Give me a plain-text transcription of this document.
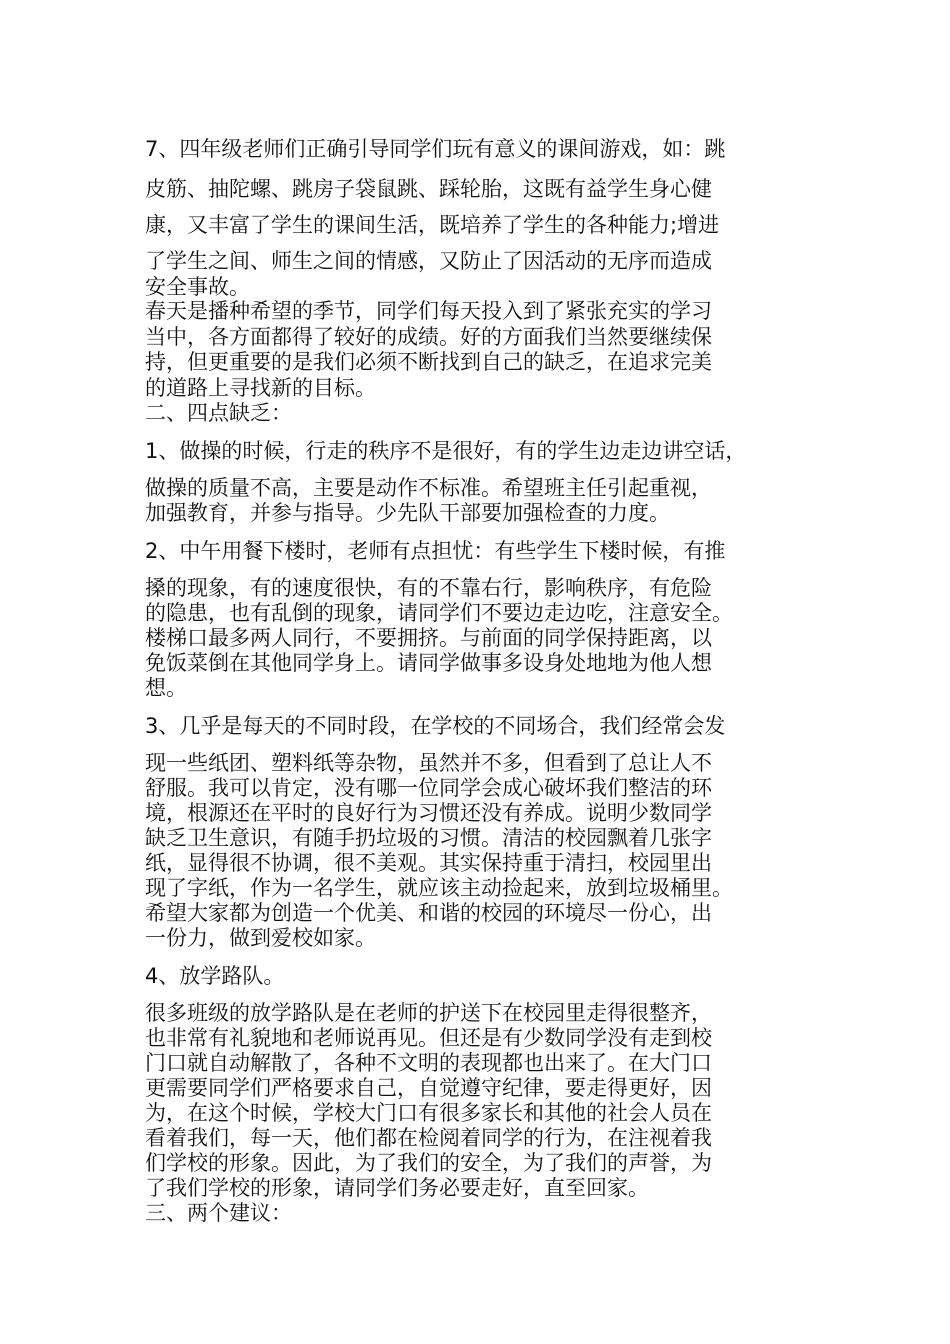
7、四年级老师们正确引导同学们玩有意义的课间游戏，如：跳

皮筋、抽陀螺、跳房子袋鼠跳、踩轮胎，这既有益学生身心健

康，又丰富了学生的课间生活，既培养了学生的各种能力;增进

了学生之间、师生之间的情感，又防止了因活动的无序而造成

安全事故。

春天是播种希望的季节，同学们每天投入到了紧张充实的学习

当中，各方面都得了较好的成绩。好的方面我们当然要继续保

持，但更重要的是我们必须不断找到自己的缺乏，在追求完美

的道路上寻找新的目标。

二、四点缺乏：

1、做操的时候，行走的秩序不是很好，有的学生边走边讲空话，

做操的质量不高，主要是动作不标准。希望班主任引起重视，

加强教育，并参与指导。少先队干部要加强检查的力度。

2、中午用餐下楼时，老师有点担忧：有些学生下楼时候，有推

搡的现象，有的速度很快，有的不靠右行，影响秩序，有危险

的隐患，也有乱倒的现象，请同学们不要边走边吃，注意安全。

楼梯口最多两人同行，不要拥挤。与前面的同学保持距离，以

免饭菜倒在其他同学身上。请同学做事多设身处地地为他人想

想。

3、几乎是每天的不同时段，在学校的不同场合，我们经常会发

现一些纸团、塑料纸等杂物，虽然并不多，但看到了总让人不

舒服。我可以肯定，没有哪一位同学会成心破坏我们整洁的环

境，根源还在平时的良好行为习惯还没有养成。说明少数同学

缺乏卫生意识，有随手扔垃圾的习惯。清洁的校园飘着几张字

纸，显得很不协调，很不美观。其实保持重于清扫，校园里出

现了字纸，作为一名学生，就应该主动捡起来，放到垃圾桶里。

希望大家都为创造一个优美、和谐的校园的环境尽一份心，出

一份力，做到爱校如家。

4、放学路队。

很多班级的放学路队是在老师的护送下在校园里走得很整齐，

也非常有礼貌地和老师说再见。但还是有少数同学没有走到校

门口就自动解散了，各种不文明的表现都也出来了。在大门口

更需要同学们严格要求自己，自觉遵守纪律，要走得更好，因

为，在这个时候，学校大门口有很多家长和其他的社会人员在

看着我们，每一天，他们都在检阅着同学的行为，在注视着我

们学校的形象。因此，为了我们的安全，为了我们的声誉，为

了我们学校的形象，请同学们务必要走好，直至回家。

三、两个建议：
